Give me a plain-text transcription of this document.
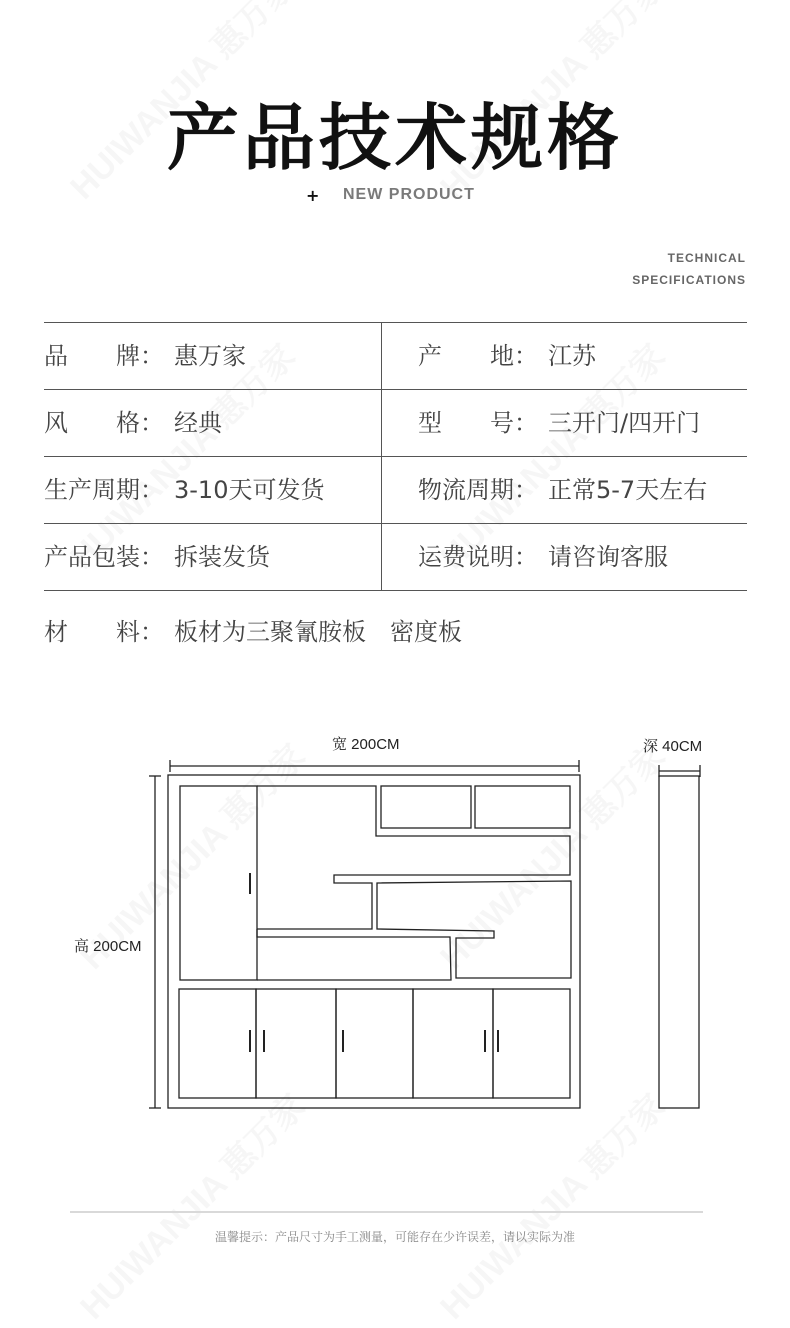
产品技术规格
+ NEW PRODUCT
TECHNICAL
SPECIFICATIONS
品　　牌： 惠万家	产　　地： 江苏
风　　格： 经典	型　　号： 三开门/四开门
生产周期： 3-10天可发货	物流周期： 正常5-7天左右
产品包装： 拆装发货	运费说明： 请咨询客服
材　　料： 板材为三聚氰胺板　密度板
宽 200CM	深 40CM
高 200CM
温馨提示：产品尺寸为手工测量，可能存在少许误差，请以实际为准
